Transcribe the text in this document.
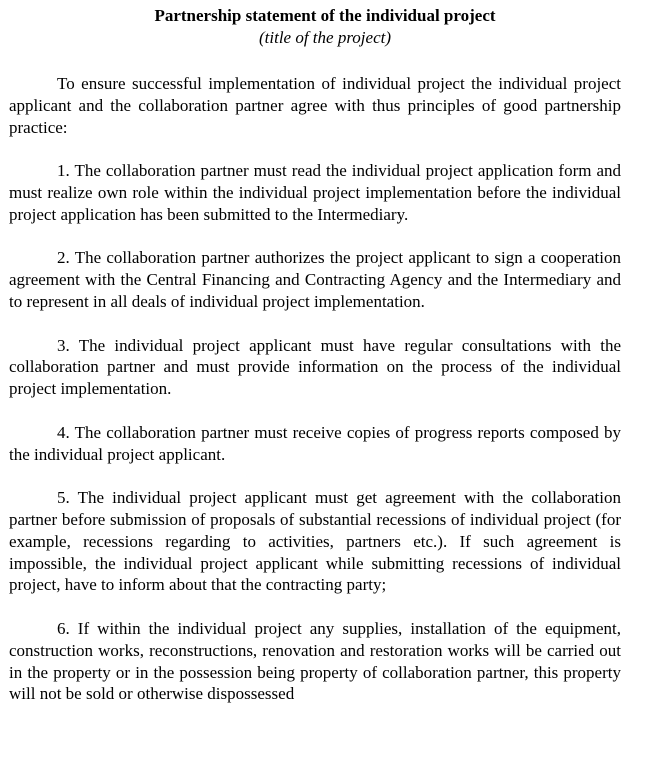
Partnership statement of the individual project
(title of the project)

To ensure successful implementation of individual project the individual project applicant and the collaboration partner agree with thus principles of good partnership practice:

1. The collaboration partner must read the individual project application form and must realize own role within the individual project implementation before the individual project application has been submitted to the Intermediary.

2. The collaboration partner authorizes the project applicant to sign a cooperation agreement with the Central Financing and Contracting Agency and the Intermediary and to represent in all deals of individual project implementation.

3. The individual project applicant must have regular consultations with the collaboration partner and must provide information on the process of the individual project implementation.

4. The collaboration partner must receive copies of progress reports composed by the individual project applicant.

5. The individual project applicant must get agreement with the collaboration partner before submission of proposals of substantial recessions of individual project (for example, recessions regarding to activities, partners etc.). If such agreement is impossible, the individual project applicant while submitting recessions of individual project, have to inform about that the contracting party;

6. If within the individual project any supplies, installation of the equipment, construction works, reconstructions, renovation and restoration works will be carried out in the property or in the possession being property of collaboration partner, this property will not be sold or otherwise dispossessed
